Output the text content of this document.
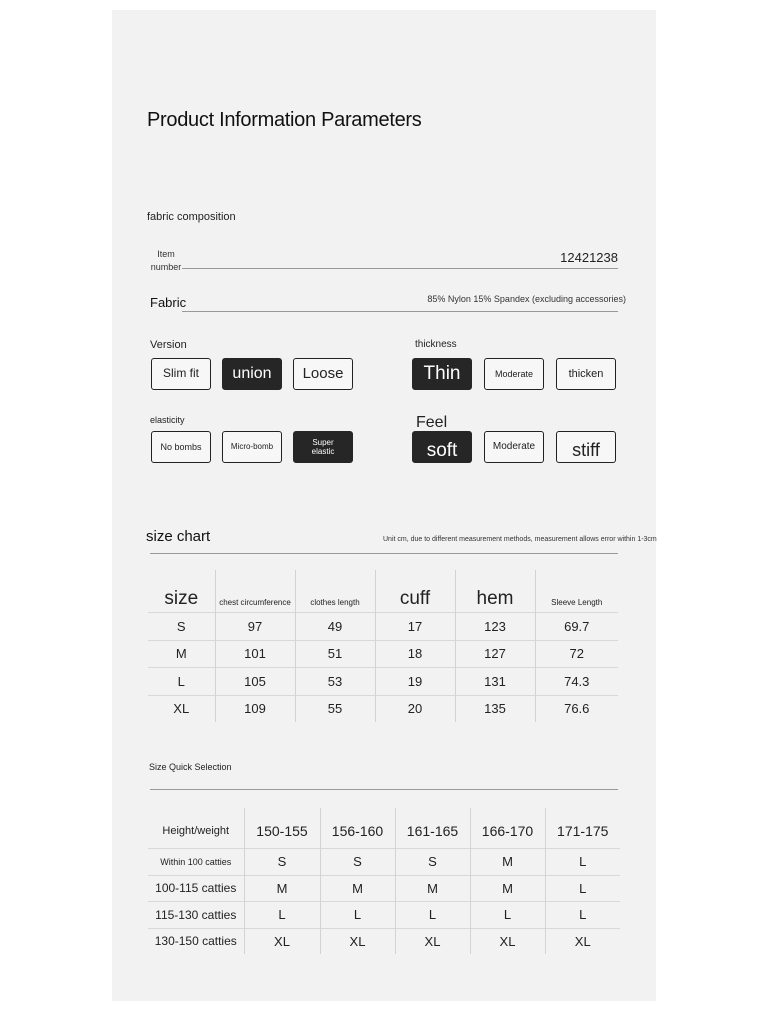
Product Information Parameters
fabric composition
Item number
12421238
Fabric	85% Nylon 15% Spandex (excluding accessories)
Version
Slim fit	union	Loose
thickness
Thin	Moderate	thicken
elasticity
No bombs	Micro-bomb
Super elastic
Feel
soft	Moderate	stiff
size chart	Unit cm, due to different measurement methods, measurement allows error within 1-3cm
size	chest circumference	clothes length	cuff	hem	Sleeve Length
S	97	49	17	123	69.7
M	101	51	18	127	72
L	105	53	19	131	74.3
XL	109	55	20	135	76.6
Size Quick Selection
Height/weight	150-155	156-160	161-165	166-170	171-175
Within 100 catties	S	S	S	M	L
100-115 catties	M	M	M	M	L
115-130 catties	L	L	L	L	L
130-150 catties	XL	XL	XL	XL	XL
